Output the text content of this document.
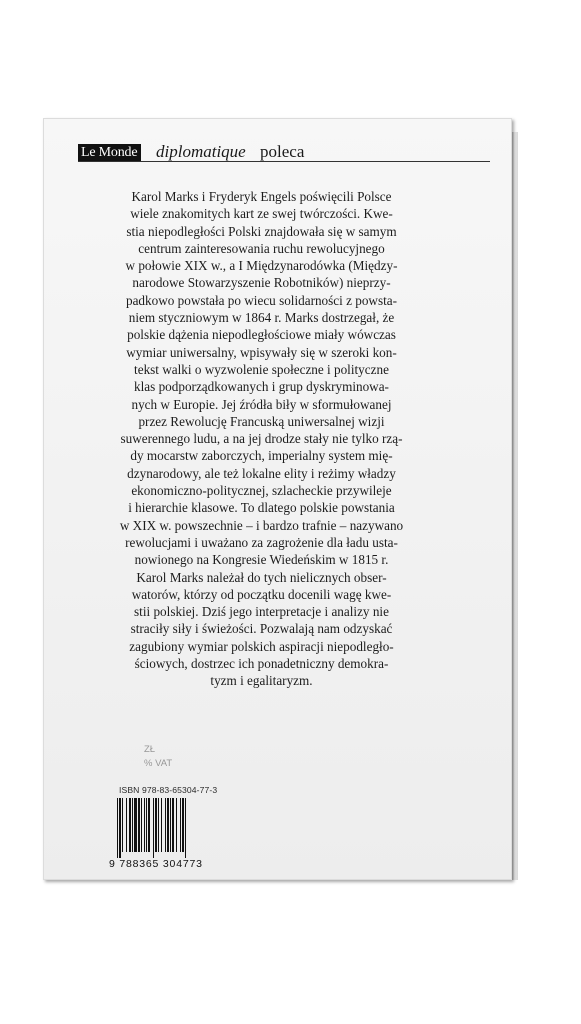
Le Monde diplomatique poleca
Karol Marks i Fryderyk Engels poświęcili Polsce
wiele znakomitych kart ze swej twórczości. Kwe-
stia niepodległości Polski znajdowała się w samym
centrum zainteresowania ruchu rewolucyjnego
w połowie XIX w., a I Międzynarodówka (Między-
narodowe Stowarzyszenie Robotników) nieprzy-
padkowo powstała po wiecu solidarności z powsta-
niem styczniowym w 1864 r. Marks dostrzegał, że
polskie dążenia niepodległościowe miały wówczas
wymiar uniwersalny, wpisywały się w szeroki kon-
tekst walki o wyzwolenie społeczne i polityczne
klas podporządkowanych i grup dyskryminowa-
nych w Europie. Jej źródła biły w sformułowanej
przez Rewolucję Francuską uniwersalnej wizji
suwerennego ludu, a na jej drodze stały nie tylko rzą-
dy mocarstw zaborczych, imperialny system mię-
dzynarodowy, ale też lokalne elity i reżimy władzy
ekonomiczno-politycznej, szlacheckie przywileje
i hierarchie klasowe. To dlatego polskie powstania
w XIX w. powszechnie – i bardzo trafnie – nazywano
rewolucjami i uważano za zagrożenie dla ładu usta-
nowionego na Kongresie Wiedeńskim w 1815 r.
Karol Marks należał do tych nielicznych obser-
watorów, którzy od początku docenili wagę kwe-
stii polskiej. Dziś jego interpretacje i analizy nie
straciły siły i świeżości. Pozwalają nam odzyskać
zagubiony wymiar polskich aspiracji niepodległo-
ściowych, dostrzec ich ponadetniczny demokra-
tyzm i egalitaryzm.
ZŁ
% VAT
ISBN 978-83-65304-77-3
9 788365 304773
